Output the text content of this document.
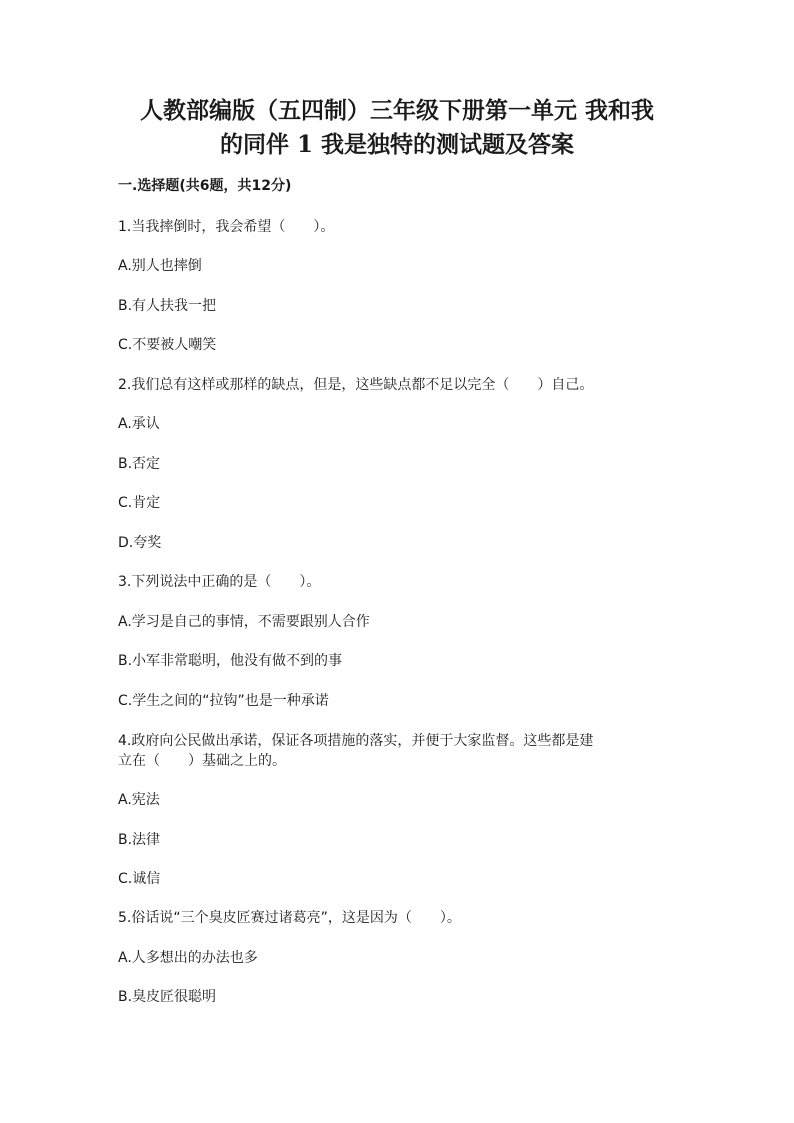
人教部编版（五四制）三年级下册第一单元 我和我
的同伴 1 我是独特的测试题及答案

一.选择题(共6题，共12分)

1.当我摔倒时，我会希望（　　）。

A.别人也摔倒

B.有人扶我一把

C.不要被人嘲笑

2.我们总有这样或那样的缺点，但是，这些缺点都不足以完全（　　）自己。

A.承认

B.否定

C.肯定

D.夸奖

3.下列说法中正确的是（　　）。

A.学习是自己的事情，不需要跟别人合作

B.小军非常聪明，他没有做不到的事

C.学生之间的“拉钩”也是一种承诺

4.政府向公民做出承诺，保证各项措施的落实，并便于大家监督。这些都是建

立在（　　）基础之上的。

A.宪法

B.法律

C.诚信

5.俗话说“三个臭皮匠赛过诸葛亮”，这是因为（　　）。

A.人多想出的办法也多

B.臭皮匠很聪明
